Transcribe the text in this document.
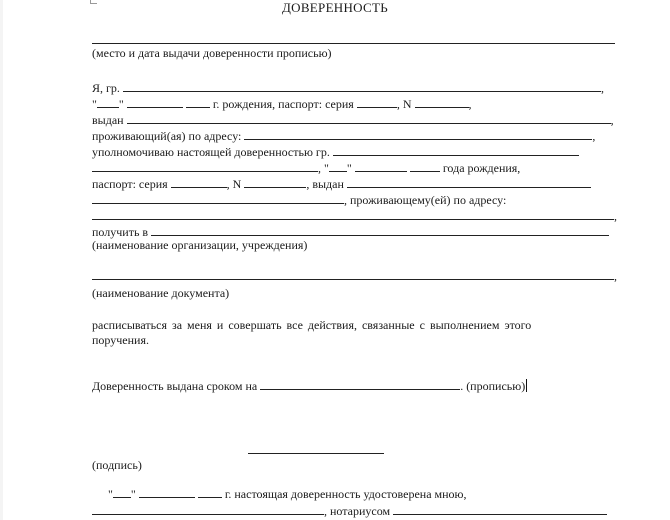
ДОВЕРЕННОСТЬ
(место и дата выдачи доверенности прописью)
Я, гр.	,
" "	г. рождения, паспорт: серия	, N	,
выдан	,
проживающий(ая) по адресу:	,
уполномочиваю настоящей доверенностью гр.
, " "	года рождения,
паспорт: серия	, N	, выдан
, проживающему(ей) по адресу:
,
получить в
(наименование организации, учреждения)
,
(наименование документа)
расписываться за меня и совершать все действия, связанные с выполнением этого
поручения.
Доверенность выдана сроком на	. (прописью)
(подпись)
" "	г. настоящая доверенность удостоверена мною,
, нотариусом
